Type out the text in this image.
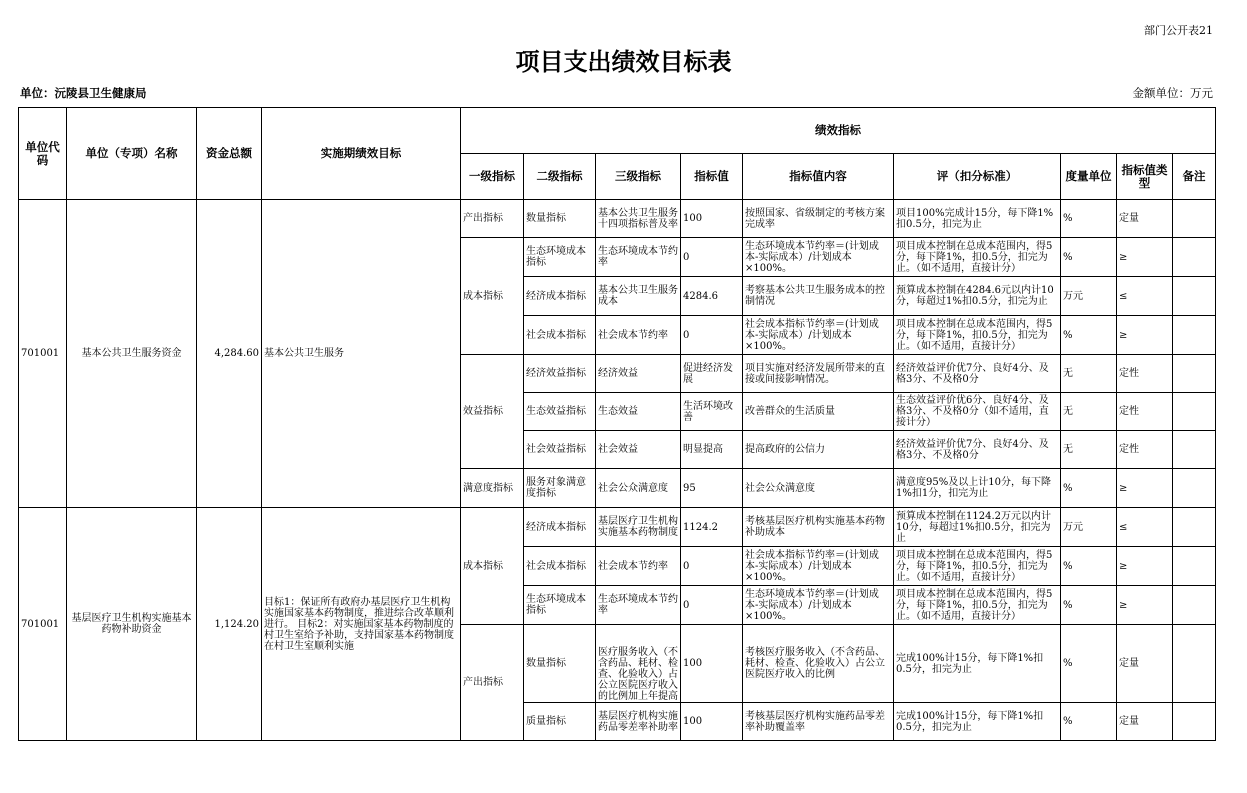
部门公开表21
项目支出绩效目标表
单位：沅陵县卫生健康局	金额单位：万元
单位代码	单位（专项）名称	资金总额	实施期绩效目标	绩效指标								
				一级指标	二级指标	三级指标	指标值	指标值内容	评（扣分标准）	度量单位	指标值类型	备注

701001	基本公共卫生服务资金	4,284.60	基本公共卫生服务	产出指标	数量指标	基本公共卫生服务十四项指标普及率	100	按照国家、省级制定的考核方案完成率	项目100%完成计15分，每下降1%扣0.5分，扣完为止	%	定量	

				成本指标	生态环境成本指标	生态环境成本节约率	0	生态环境成本节约率＝(计划成本-实际成本）/计划成本×100%。	项目成本控制在总成本范围内，得5分，每下降1%，扣0.5分，扣完为止。（如不适用，直接计分）	%	≥	

					经济成本指标	基本公共卫生服务成本	4284.6	考察基本公共卫生服务成本的控制情况	预算成本控制在4284.6元以内计10分，每超过1%扣0.5分，扣完为止	万元	≤	

					社会成本指标	社会成本节约率	0	社会成本指标节约率＝(计划成本-实际成本）/计划成本×100%。	项目成本控制在总成本范围内，得5分，每下降1%，扣0.5分，扣完为止。（如不适用，直接计分）	%	≥	

				效益指标	经济效益指标	经济效益	促进经济发展	项目实施对经济发展所带来的直接或间接影响情况。	经济效益评价优7分、良好4分、及格3分、不及格0分	无	定性	

					生态效益指标	生态效益	生活环境改善	改善群众的生活质量	生态效益评价优6分、良好4分、及格3分、不及格0分（如不适用，直接计分）	无	定性	

					社会效益指标	社会效益	明显提高	提高政府的公信力	经济效益评价优7分、良好4分、及格3分、不及格0分	无	定性	

				满意度指标	服务对象满意度指标	社会公众满意度	95	社会公众满意度	满意度95%及以上计10分，每下降1%扣1分，扣完为止	%	≥	

701001	基层医疗卫生机构实施基本药物补助资金	1,124.20	目标1：保证所有政府办基层医疗卫生机构实施国家基本药物制度，推进综合改革顺利进行。 目标2：对实施国家基本药物制度的村卫生室给予补助，支持国家基本药物制度在村卫生室顺利实施	成本指标	经济成本指标	基层医疗卫生机构实施基本药物制度	1124.2	考核基层医疗机构实施基本药物补助成本	预算成本控制在1124.2万元以内计10分，每超过1%扣0.5分，扣完为止	万元	≤	

					社会成本指标	社会成本节约率	0	社会成本指标节约率＝(计划成本-实际成本）/计划成本×100%。	项目成本控制在总成本范围内，得5分，每下降1%，扣0.5分，扣完为止。（如不适用，直接计分）	%	≥	

					生态环境成本指标	生态环境成本节约率	0	生态环境成本节约率＝(计划成本-实际成本）/计划成本×100%。	项目成本控制在总成本范围内，得5分，每下降1%，扣0.5分，扣完为止。（如不适用，直接计分）	%	≥	

				产出指标	数量指标	医疗服务收入（不含药品、耗材、检查、化验收入）占公立医院医疗收入的比例加上年提高	100	考核医疗服务收入（不含药品、耗材、检查、化验收入）占公立医院医疗收入的比例	完成100%计15分，每下降1%扣0.5分，扣完为止	%	定量	

					质量指标	基层医疗机构实施药品零差率补助率	100	考核基层医疗机构实施药品零差率补助覆盖率	完成100%计15分，每下降1%扣0.5分，扣完为止	%	定量	
